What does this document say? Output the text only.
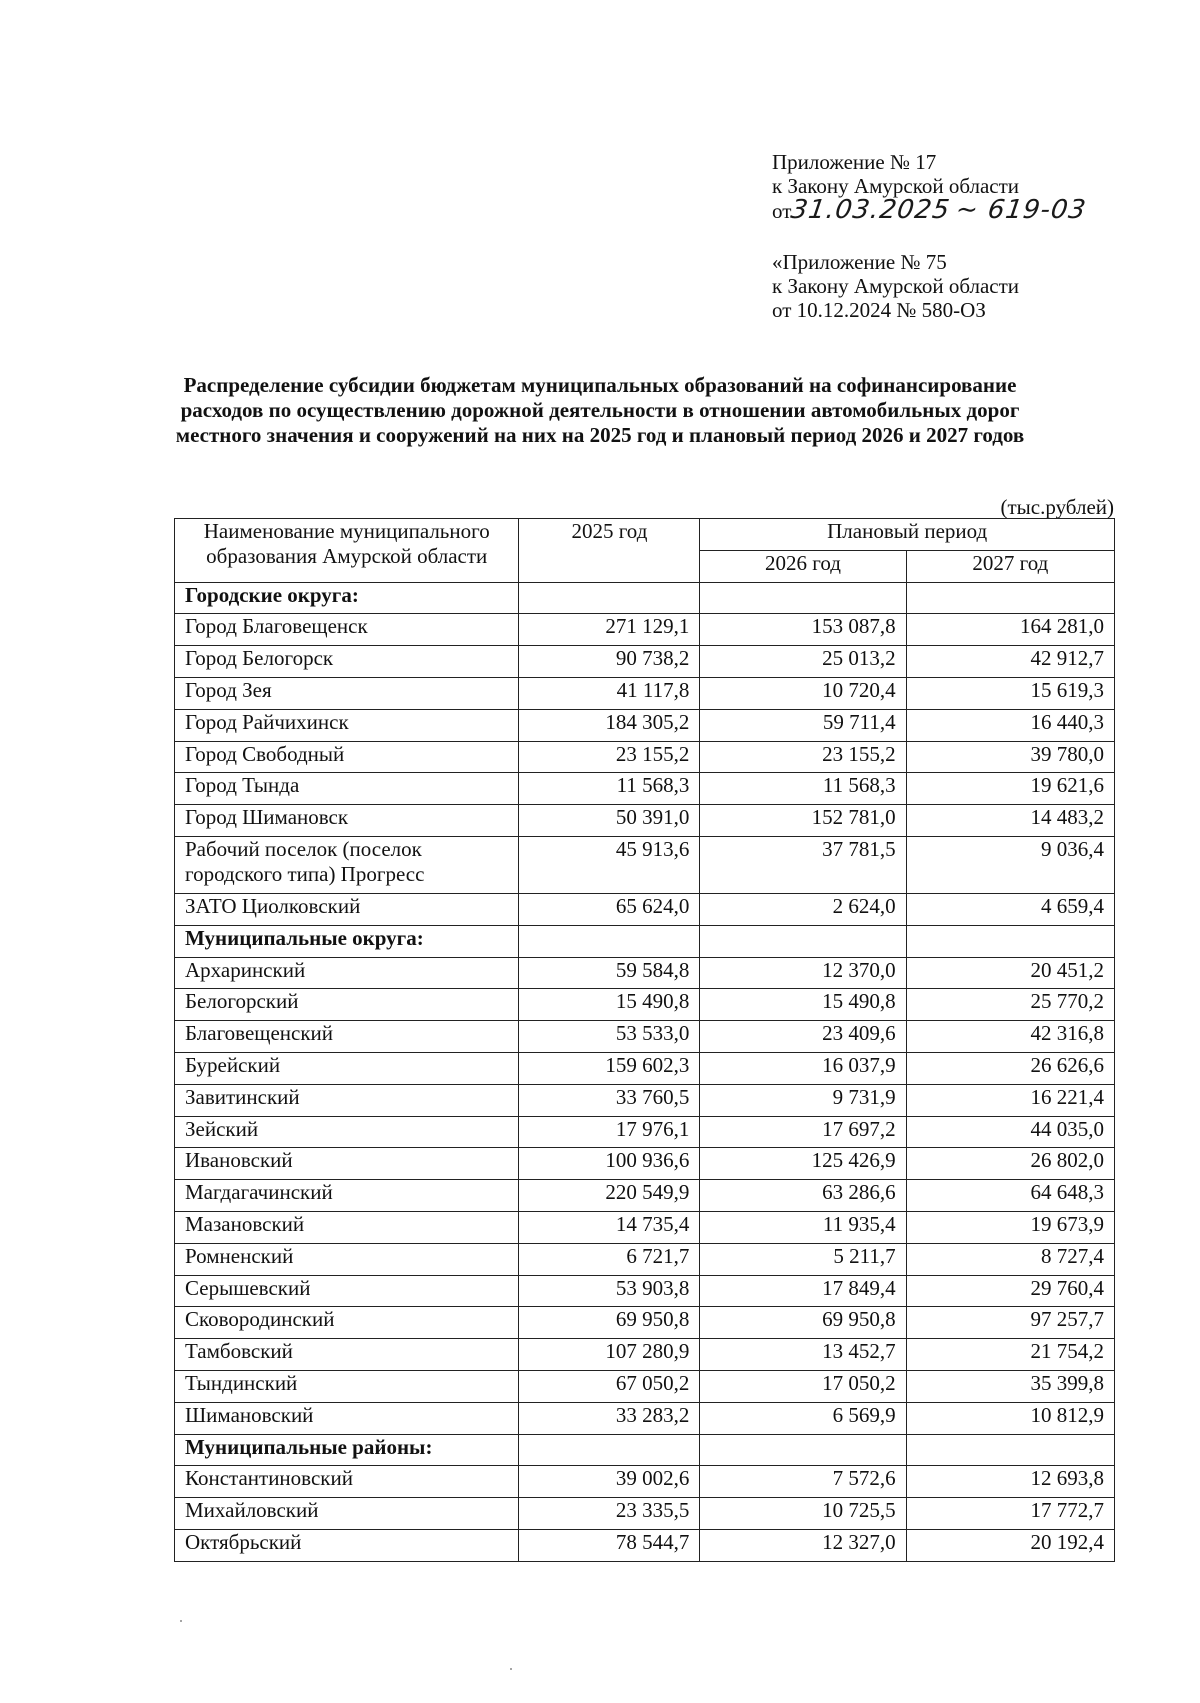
Приложение № 17
к Закону Амурской области
от31.03.2025 ~ 619-03
«Приложение № 75
к Закону Амурской области
от 10.12.2024 № 580-ОЗ
Распределение субсидии бюджетам муниципальных образований на софинансирование расходов по осуществлению дорожной деятельности в отношении автомобильных дорог местного значения и сооружений на них на 2025 год и плановый период 2026 и 2027 годов
(тыс.рублей)
Наименование муниципального образования Амурской области	2025 год	Плановый период	
		2026 год	2027 год
Городские округа:			
Город Благовещенск	271 129,1	153 087,8	164 281,0
Город Белогорск	90 738,2	25 013,2	42 912,7
Город Зея	41 117,8	10 720,4	15 619,3
Город Райчихинск	184 305,2	59 711,4	16 440,3
Город Свободный	23 155,2	23 155,2	39 780,0
Город Тында	11 568,3	11 568,3	19 621,6
Город Шимановск	50 391,0	152 781,0	14 483,2
Рабочий поселок (поселок городского типа) Прогресс	45 913,6	37 781,5	9 036,4
ЗАТО Циолковский	65 624,0	2 624,0	4 659,4
Муниципальные округа:			
Архаринский	59 584,8	12 370,0	20 451,2
Белогорский	15 490,8	15 490,8	25 770,2
Благовещенский	53 533,0	23 409,6	42 316,8
Бурейский	159 602,3	16 037,9	26 626,6
Завитинский	33 760,5	9 731,9	16 221,4
Зейский	17 976,1	17 697,2	44 035,0
Ивановский	100 936,6	125 426,9	26 802,0
Магдагачинский	220 549,9	63 286,6	64 648,3
Мазановский	14 735,4	11 935,4	19 673,9
Ромненский	6 721,7	5 211,7	8 727,4
Серышевский	53 903,8	17 849,4	29 760,4
Сковородинский	69 950,8	69 950,8	97 257,7
Тамбовский	107 280,9	13 452,7	21 754,2
Тындинский	67 050,2	17 050,2	35 399,8
Шимановский	33 283,2	6 569,9	10 812,9
Муниципальные районы:			
Константиновский	39 002,6	7 572,6	12 693,8
Михайловский	23 335,5	10 725,5	17 772,7
Октябрьский	78 544,7	12 327,0	20 192,4
